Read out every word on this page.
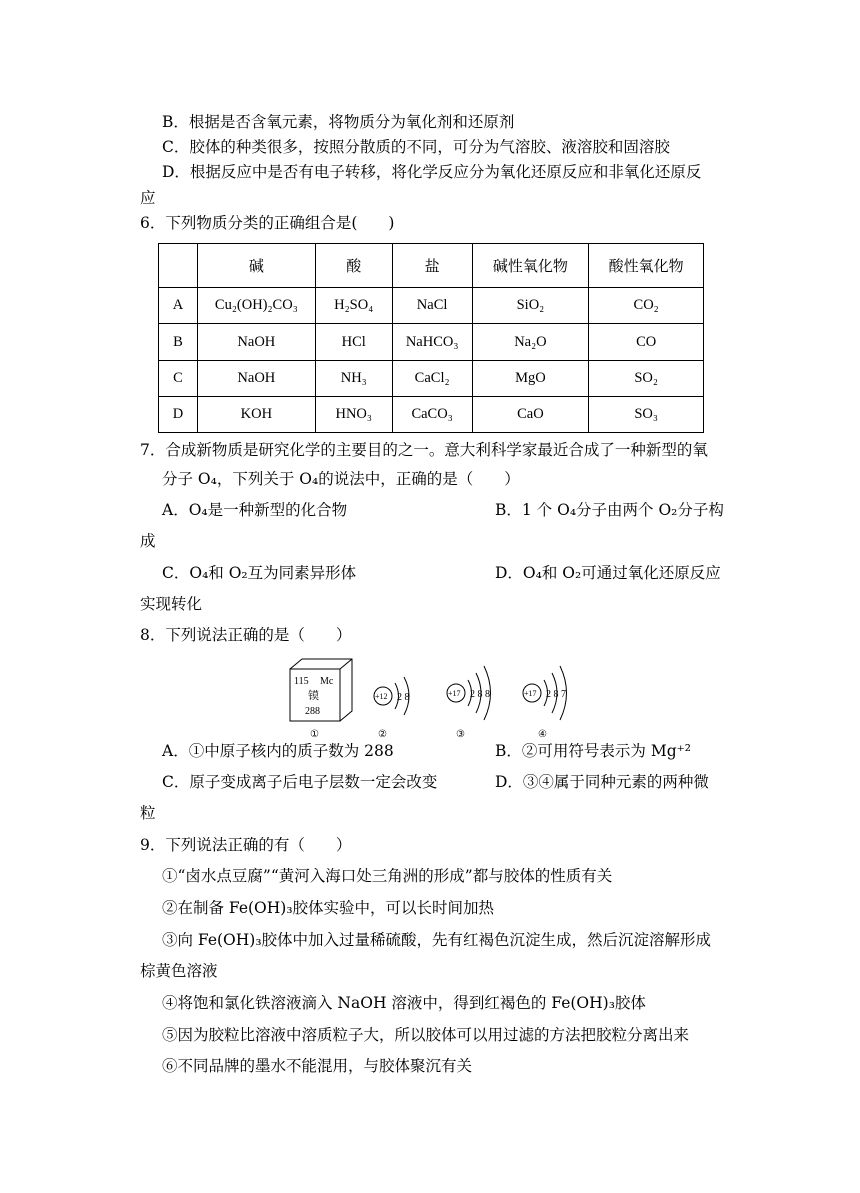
B．根据是否含氧元素，将物质分为氧化剂和还原剂
C．胶体的种类很多，按照分散质的不同，可分为气溶胶、液溶胶和固溶胶
D．根据反应中是否有电子转移，将化学反应分为氧化还原反应和非氧化还原反
应
6．下列物质分类的正确组合是(　　)
	碱	酸	盐	碱性氧化物	酸性氧化物
A	Cu₂(OH)₂CO₃	H₂SO₄	NaCl	SiO₂	CO₂
B	NaOH	HCl	NaHCO₃	Na₂O	CO
C	NaOH	NH₃	CaCl₂	MgO	SO₂
D	KOH	HNO₃	CaCO₃	CaO	SO₃
7．合成新物质是研究化学的主要目的之一。意大利科学家最近合成了一种新型的氧
分子 O₄，下列关于 O₄的说法中，正确的是（　　）
A．O₄是一种新型的化合物	B．1 个 O₄分子由两个 O₂分子构
成
C．O₄和 O₂互为同素异形体	D．O₄和 O₂可通过氧化还原反应
实现转化
8．下列说法正确的是（　　）
115 Mc
镆
288
①
+12 2 8
②
+17 2 8 8
③
+17 2 8 7
④
A．①中原子核内的质子数为 288	B．②可用符号表示为 Mg⁺²
C．原子变成离子后电子层数一定会改变	D．③④属于同种元素的两种微
粒
9．下列说法正确的有（　　）
①“卤水点豆腐”“黄河入海口处三角洲的形成”都与胶体的性质有关
②在制备 Fe(OH)₃胶体实验中，可以长时间加热
③向 Fe(OH)₃胶体中加入过量稀硫酸，先有红褐色沉淀生成，然后沉淀溶解形成
棕黄色溶液
④将饱和氯化铁溶液滴入 NaOH 溶液中，得到红褐色的 Fe(OH)₃胶体
⑤因为胶粒比溶液中溶质粒子大，所以胶体可以用过滤的方法把胶粒分离出来
⑥不同品牌的墨水不能混用，与胶体聚沉有关
